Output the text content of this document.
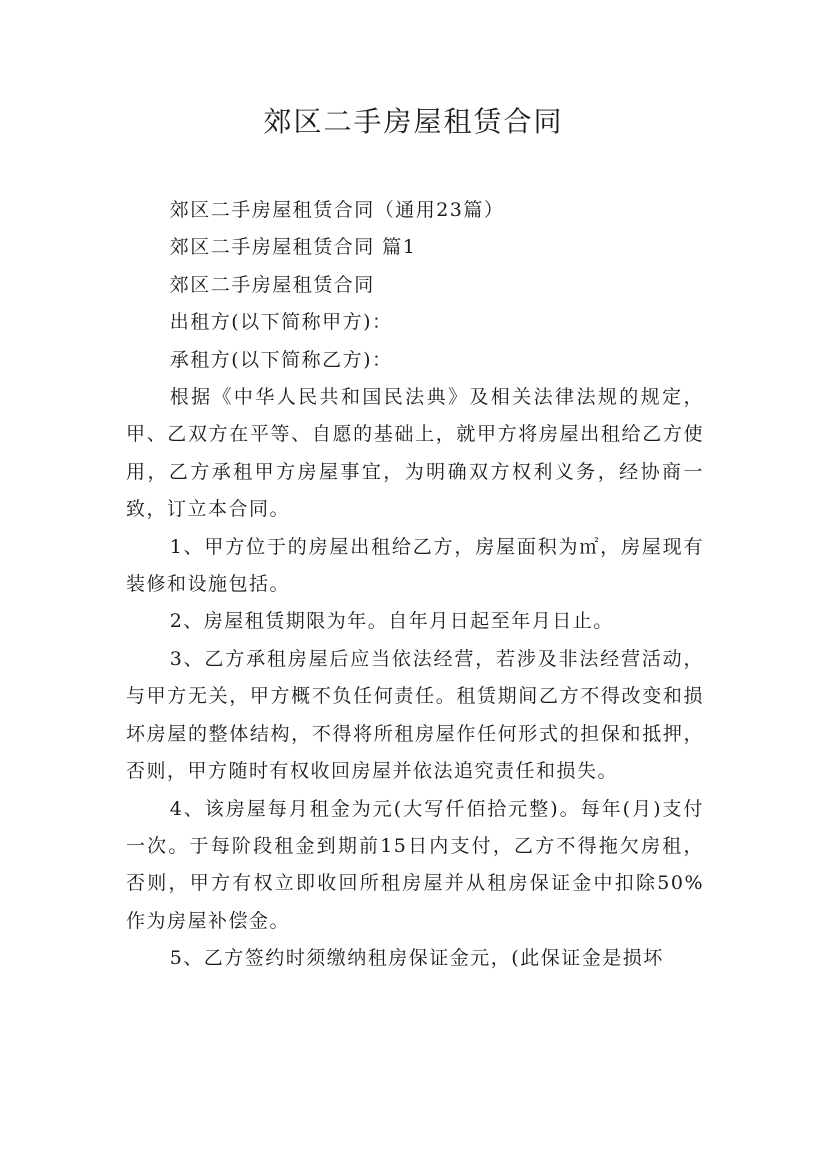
郊区二手房屋租赁合同

郊区二手房屋租赁合同（通用23篇）

郊区二手房屋租赁合同 篇1

郊区二手房屋租赁合同

出租方(以下简称甲方)：

承租方(以下简称乙方)：

根据《中华人民共和国民法典》及相关法律法规的规定，甲、乙双方在平等、自愿的基础上，就甲方将房屋出租给乙方使用，乙方承租甲方房屋事宜，为明确双方权利义务，经协商一致，订立本合同。

1、甲方位于的房屋出租给乙方，房屋面积为㎡，房屋现有装修和设施包括。

2、房屋租赁期限为年。自年月日起至年月日止。

3、乙方承租房屋后应当依法经营，若涉及非法经营活动，与甲方无关，甲方概不负任何责任。租赁期间乙方不得改变和损坏房屋的整体结构，不得将所租房屋作任何形式的担保和抵押，否则，甲方随时有权收回房屋并依法追究责任和损失。

4、该房屋每月租金为元(大写仟佰拾元整)。每年(月)支付一次。于每阶段租金到期前15日内支付，乙方不得拖欠房租，否则，甲方有权立即收回所租房屋并从租房保证金中扣除50%作为房屋补偿金。

5、乙方签约时须缴纳租房保证金元，(此保证金是损坏
